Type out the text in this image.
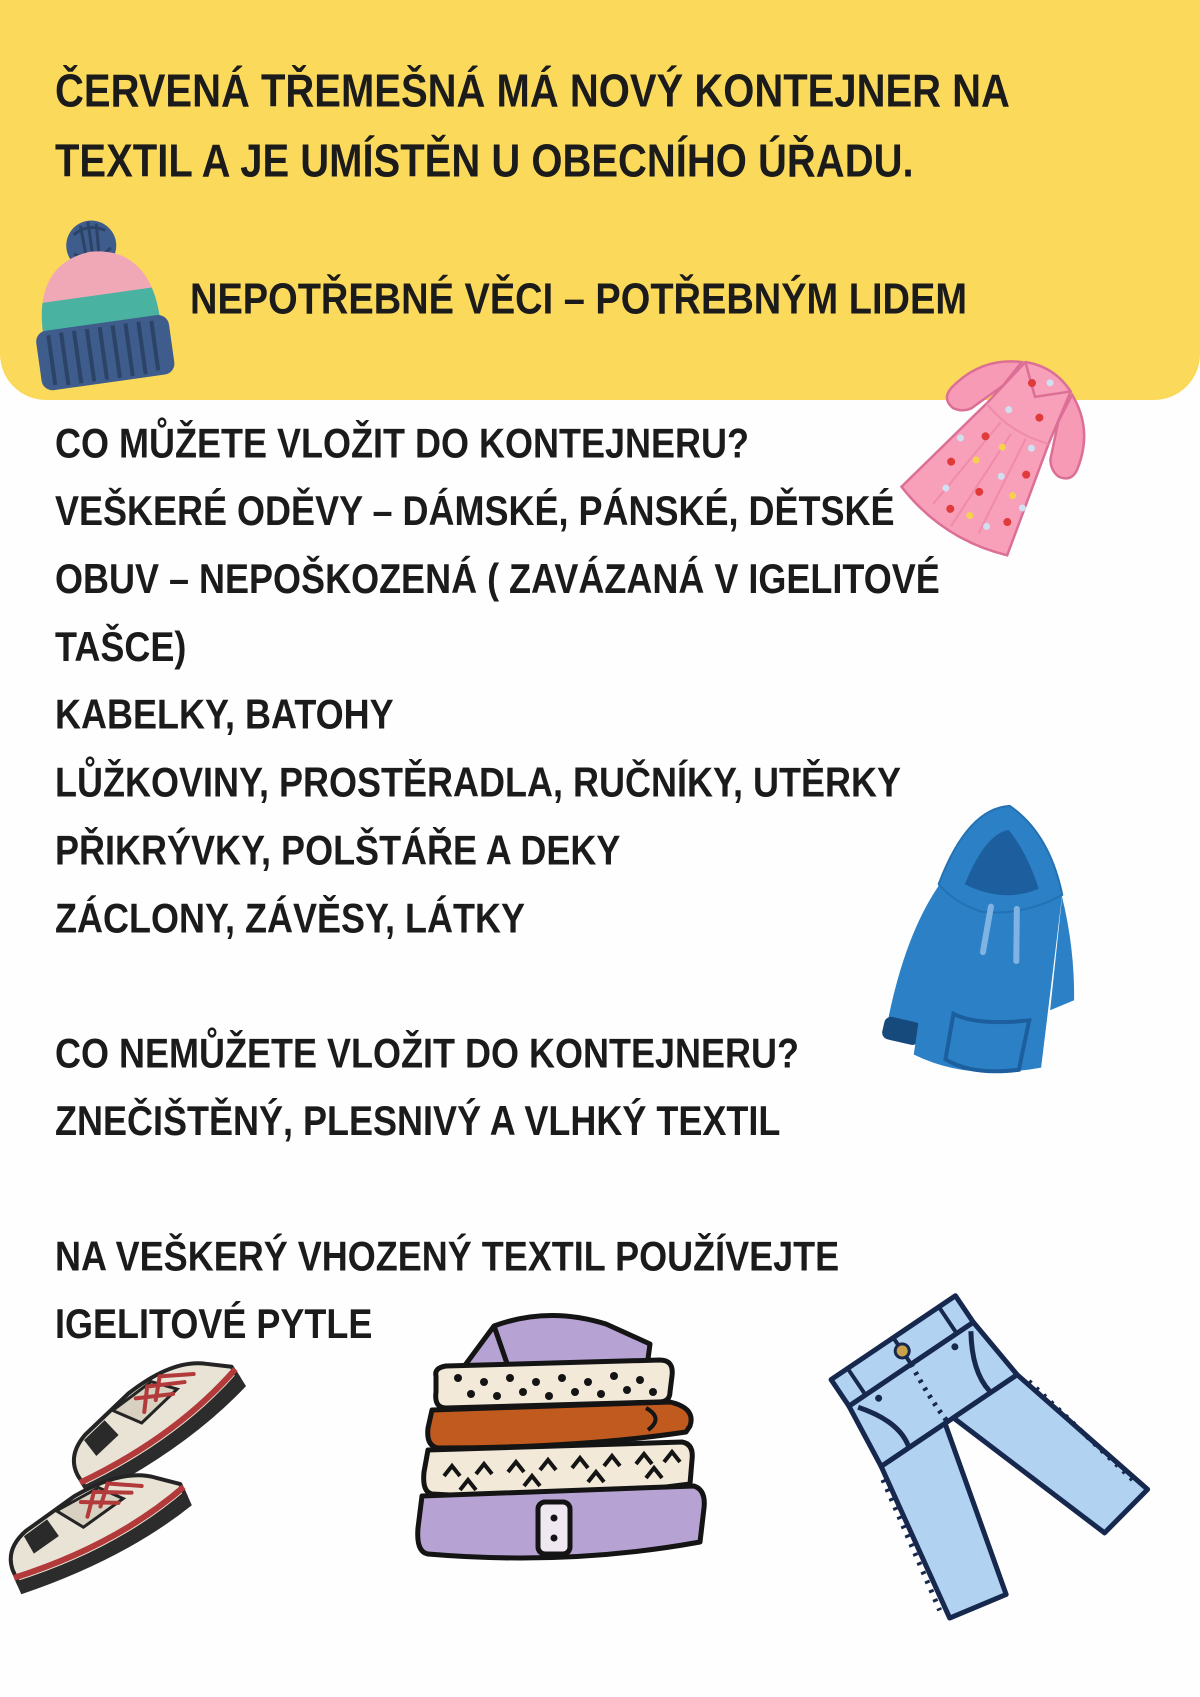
ČERVENÁ TŘEMEŠNÁ MÁ NOVÝ KONTEJNER NA
TEXTIL A JE UMÍSTĚN U OBECNÍHO ÚŘADU.
NEPOTŘEBNÉ VĚCI – POTŘEBNÝM LIDEM
CO MŮŽETE VLOŽIT DO KONTEJNERU?
VEŠKERÉ ODĚVY – DÁMSKÉ, PÁNSKÉ, DĚTSKÉ
OBUV – NEPOŠKOZENÁ ( ZAVÁZANÁ V IGELITOVÉ
TAŠCE)
KABELKY, BATOHY
LŮŽKOVINY, PROSTĚRADLA, RUČNÍKY, UTĚRKY
PŘIKRÝVKY, POLŠTÁŘE A DEKY
ZÁCLONY, ZÁVĚSY, LÁTKY
CO NEMŮŽETE VLOŽIT DO KONTEJNERU?
ZNEČIŠTĚNÝ, PLESNIVÝ A VLHKÝ TEXTIL
NA VEŠKERÝ VHOZENÝ TEXTIL POUŽÍVEJTE
IGELITOVÉ PYTLE
